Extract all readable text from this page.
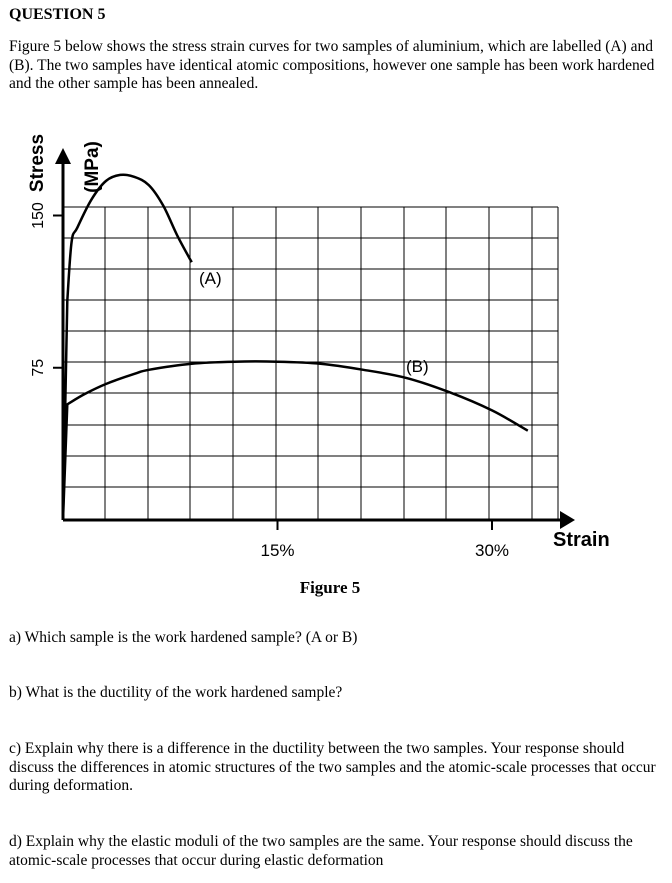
QUESTION 5
Figure 5 below shows the stress strain curves for two samples of aluminium, which are labelled (A) and (B). The two samples have identical atomic compositions, however one sample has been work hardened and the other sample has been annealed.
Stress (MPa)
Strain
75
150
15%	30%
(A)
(B)
Figure 5
a) Which sample is the work hardened sample? (A or B)
b) What is the ductility of the work hardened sample?
c) Explain why there is a difference in the ductility between the two samples. Your response should discuss the differences in atomic structures of the two samples and the atomic-scale processes that occur during deformation.
d) Explain why the elastic moduli of the two samples are the same. Your response should discuss the atomic-scale processes that occur during elastic deformation
